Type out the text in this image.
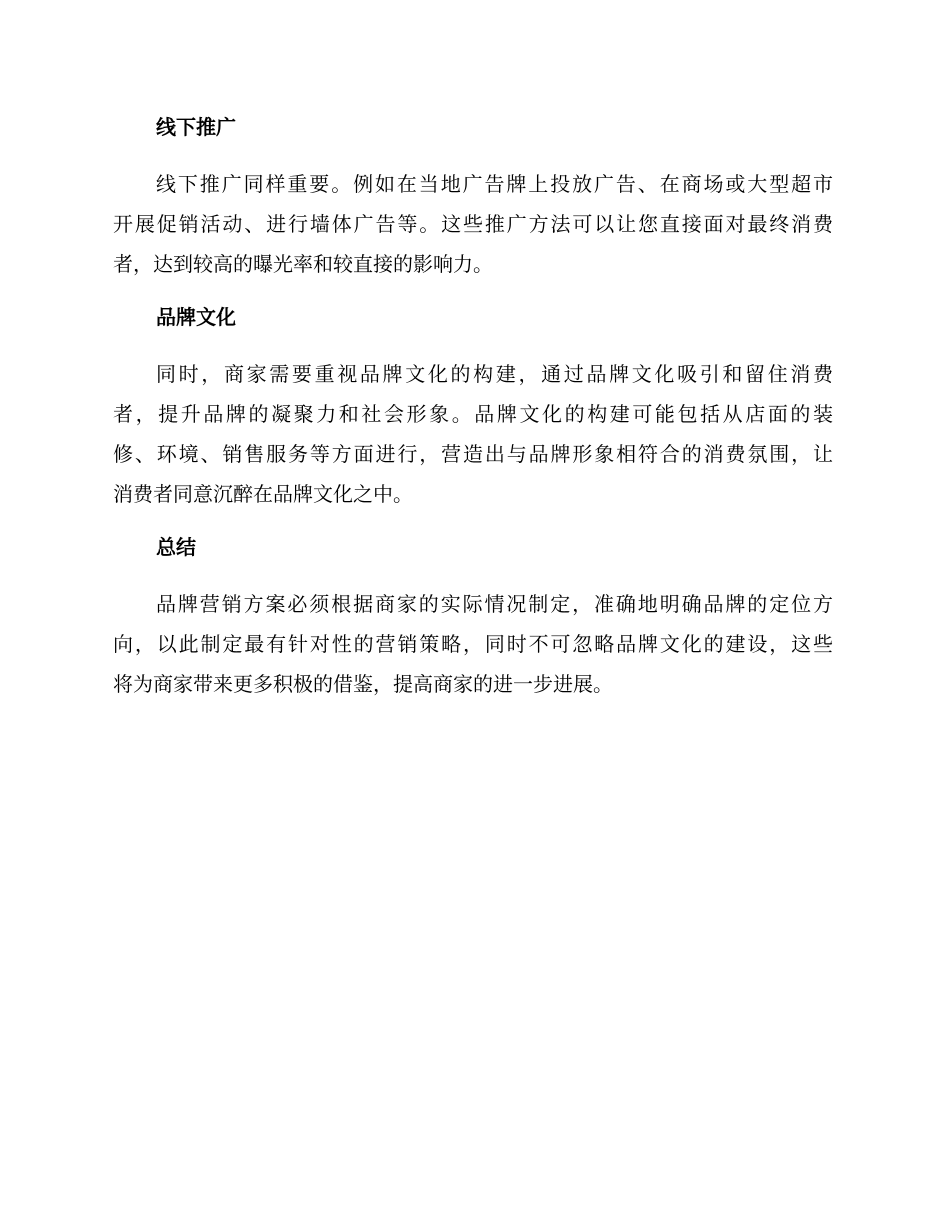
线下推广

线下推广同样重要。例如在当地广告牌上投放广告、在商场或大型超市
开展促销活动、进行墙体广告等。这些推广方法可以让您直接面对最终消费
者，达到较高的曝光率和较直接的影响力。

品牌文化

同时，商家需要重视品牌文化的构建，通过品牌文化吸引和留住消费
者，提升品牌的凝聚力和社会形象。品牌文化的构建可能包括从店面的装
修、环境、销售服务等方面进行，营造出与品牌形象相符合的消费氛围，让
消费者同意沉醉在品牌文化之中。

总结

品牌营销方案必须根据商家的实际情况制定，准确地明确品牌的定位方
向，以此制定最有针对性的营销策略，同时不可忽略品牌文化的建设，这些
将为商家带来更多积极的借鉴，提高商家的进一步进展。
